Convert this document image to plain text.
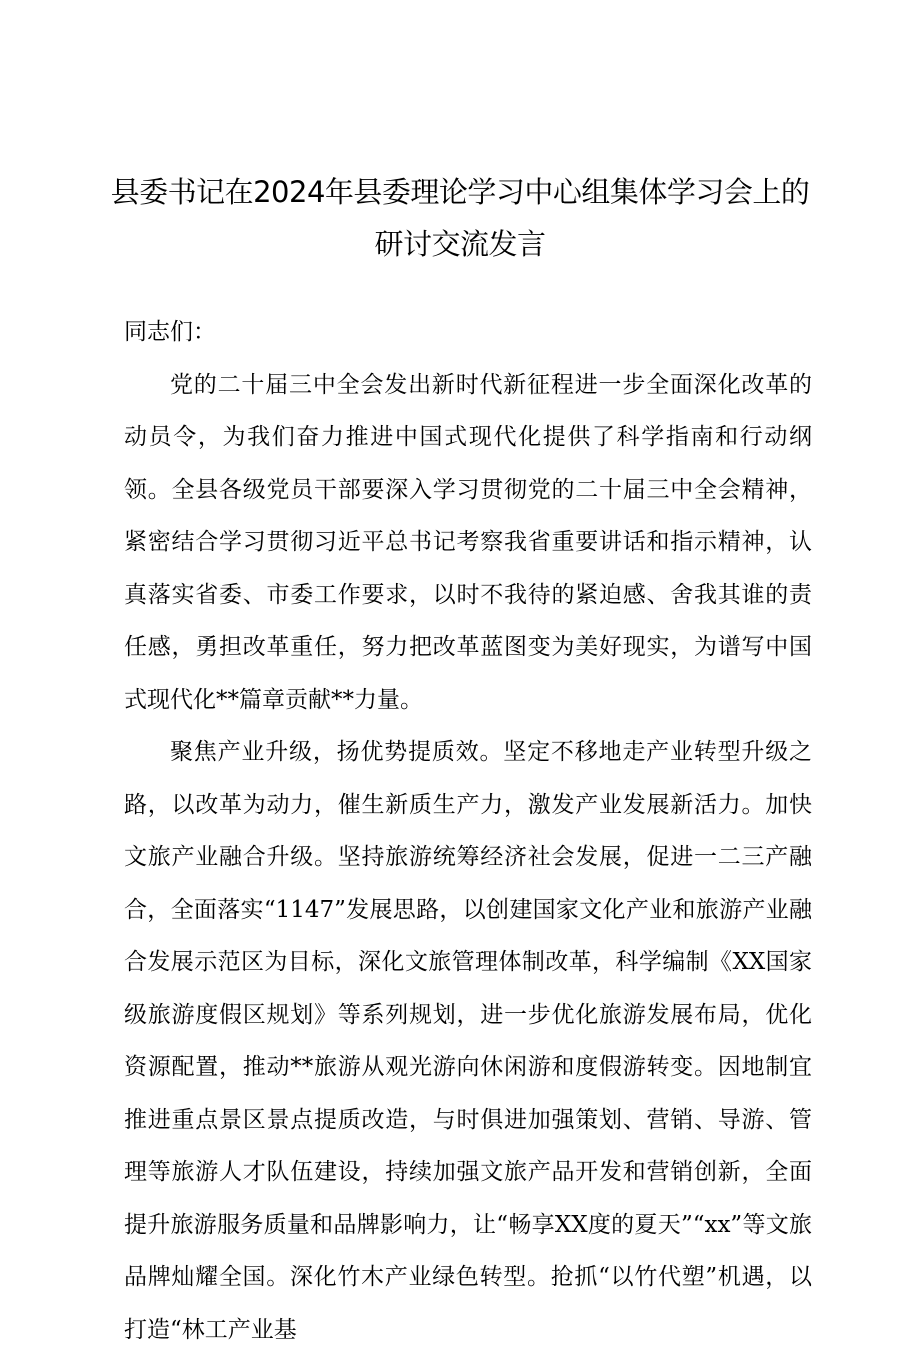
县委书记在2024年县委理论学习中心组集体学习会上的
研讨交流发言

同志们：

党的二十届三中全会发出新时代新征程进一步全面深化改革的动员令，为我们奋力推进中国式现代化提供了科学指南和行动纲领。全县各级党员干部要深入学习贯彻党的二十届三中全会精神，紧密结合学习贯彻习近平总书记考察我省重要讲话和指示精神，认真落实省委、市委工作要求，以时不我待的紧迫感、舍我其谁的责任感，勇担改革重任，努力把改革蓝图变为美好现实，为谱写中国式现代化**篇章贡献**力量。

聚焦产业升级，扬优势提质效。坚定不移地走产业转型升级之路，以改革为动力，催生新质生产力，激发产业发展新活力。加快文旅产业融合升级。坚持旅游统筹经济社会发展，促进一二三产融合，全面落实“1147”发展思路，以创建国家文化产业和旅游产业融合发展示范区为目标，深化文旅管理体制改革，科学编制《XX国家级旅游度假区规划》等系列规划，进一步优化旅游发展布局，优化资源配置，推动**旅游从观光游向休闲游和度假游转变。因地制宜推进重点景区景点提质改造，与时俱进加强策划、营销、导游、管理等旅游人才队伍建设，持续加强文旅产品开发和营销创新，全面提升旅游服务质量和品牌影响力，让“畅享XX度的夏天”“xx”等文旅品牌灿耀全国。深化竹木产业绿色转型。抢抓“以竹代塑”机遇，以打造“林工产业基
